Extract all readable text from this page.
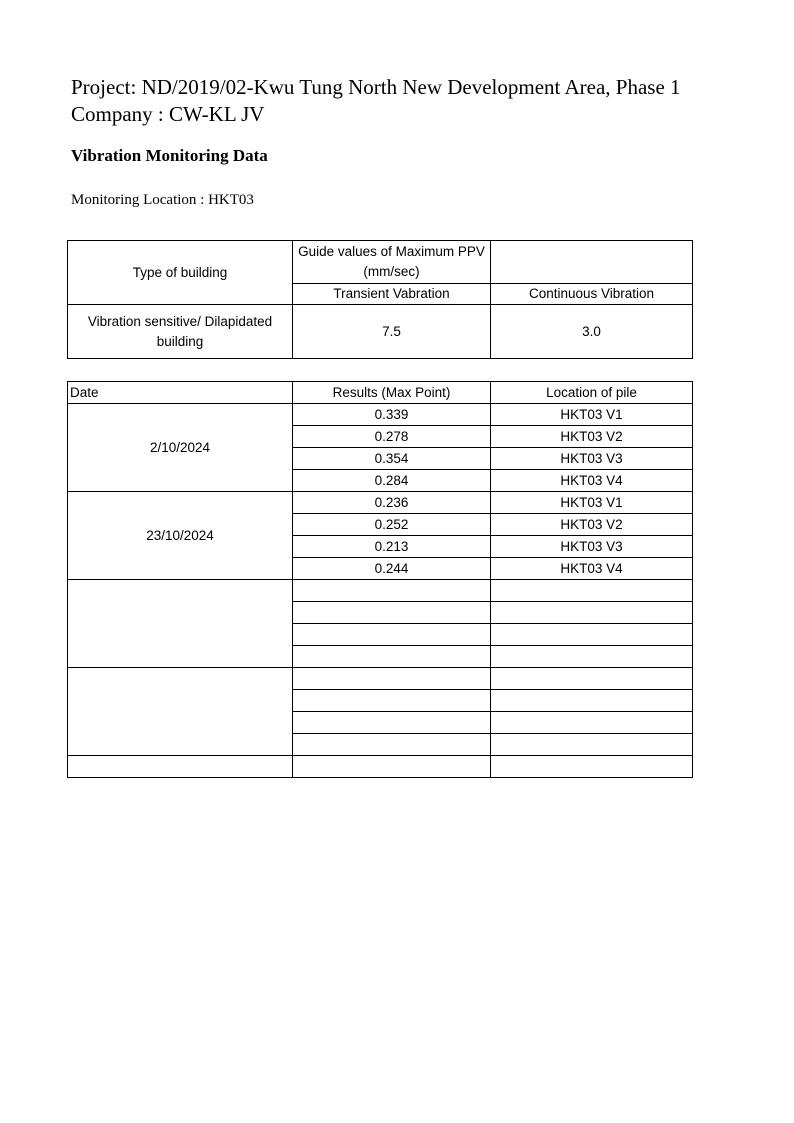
Project: ND/2019/02-Kwu Tung North New Development Area, Phase 1
Company : CW-KL JV
Vibration Monitoring Data
Monitoring Location : HKT03
Type of building	Guide values of Maximum PPV (mm/sec)	
	Transient Vabration	Continuous Vibration
Vibration sensitive/ Dilapidated building	7.5	3.0
Date	Results (Max Point)	Location of pile
2/10/2024	0.339	HKT03 V1
	0.278	HKT03 V2
	0.354	HKT03 V3
	0.284	HKT03 V4
23/10/2024	0.236	HKT03 V1
	0.252	HKT03 V2
	0.213	HKT03 V3
	0.244	HKT03 V4
